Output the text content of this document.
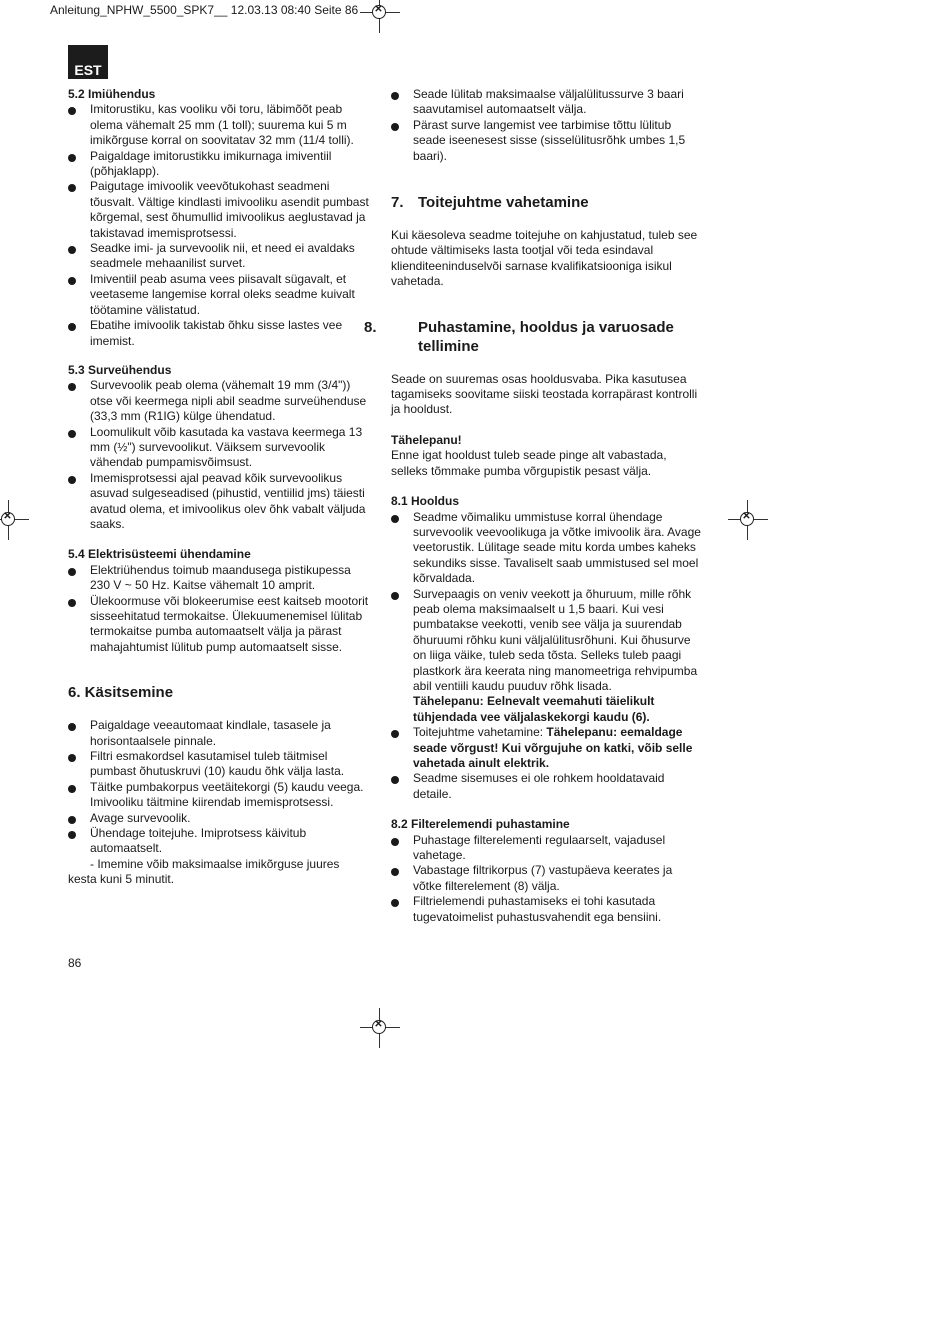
Anleitung_NPHW_5500_SPK7__ 12.03.13 08:40 Seite 86
✕
✕
✕
✕
EST
5.2 Imiühendus
Imitorustiku, kas vooliku või toru, läbimõõt peab olema vähemalt 25 mm (1 toll); suurema kui 5 m imikõrguse korral on soovitatav 32 mm (11/4 tolli).
Paigaldage imitorustikku imikurnaga imiventiil (põhjaklapp).
Paigutage imivoolik veevõtukohast seadmeni tõusvalt. Vältige kindlasti imivooliku asendit pumbast kõrgemal, sest õhumullid imivoolikus aeglustavad ja takistavad imemisprotsessi.
Seadke imi- ja survevoolik nii, et need ei avaldaks seadmele mehaanilist survet.
Imiventiil peab asuma vees piisavalt sügavalt, et veetaseme langemise korral oleks seadme kuivalt töötamine välistatud.
Ebatihe imivoolik takistab õhku sisse lastes vee imemist.
5.3 Surveühendus
Survevoolik peab olema (vähemalt 19 mm (3/4")) otse või keermega nipli abil seadme surveühenduse (33,3 mm (R1IG) külge ühendatud.
Loomulikult võib kasutada ka vastava keermega 13 mm (½") survevoolikut. Väiksem survevoolik vähendab pumpamisvõimsust.
Imemisprotsessi ajal peavad kõik survevoolikus asuvad sulgeseadised (pihustid, ventiilid jms) täiesti avatud olema, et imivoolikus olev õhk vabalt väljuda saaks.
5.4 Elektrisüsteemi ühendamine
Elektriühendus toimub maandusega pistikupessa 230 V ~ 50 Hz. Kaitse vähemalt 10 amprit.
Ülekoormuse või blokeerumise eest kaitseb mootorit sisseehitatud termokaitse. Ülekuumenemisel lülitab termokaitse pumba automaatselt välja ja pärast mahajahtumist lülitub pump automaatselt sisse.
6. Käsitsemine
Paigaldage veeautomaat kindlale, tasasele ja horisontaalsele pinnale.
Filtri esmakordsel kasutamisel tuleb täitmisel pumbast õhutuskruvi (10) kaudu õhk välja lasta.
Täitke pumbakorpus veetäitekorgi (5) kaudu veega. Imivooliku täitmine kiirendab imemisprotsessi.
Avage survevoolik.
Ühendage toitejuhe. Imiprotsess käivitub automaatselt.

- Imemine võib maksimaalse imikõrguse juures

kesta kuni 5 minutit.

86
Seade lülitab maksimaalse väljalülitussurve 3 baari saavutamisel automaatselt välja.
Pärast surve langemist vee tarbimise tõttu lülitub seade iseenesest sisse (sisselülitusrõhk umbes 1,5 baari).
7. Toitejuhtme vahetamine

Kui käesoleva seadme toitejuhe on kahjustatud, tuleb see ohtude vältimiseks lasta tootjal või teda esindaval klienditeeninduselvõi sarnase kvalifikatsiooniga isikul vahetada.

8.	Puhastamine, hooldus ja varuosade tellimine

Seade on suuremas osas hooldusvaba. Pika kasutusea tagamiseks soovitame siiski teostada korrapärast kontrolli ja hooldust.

Tähelepanu!

Enne igat hooldust tuleb seade pinge alt vabastada, selleks tõmmake pumba võrgupistik pesast välja.

8.1 Hooldus
Seadme võimaliku ummistuse korral ühendage survevoolik veevoolikuga ja võtke imivoolik ära. Avage veetorustik. Lülitage seade mitu korda umbes kaheks sekundiks sisse. Tavaliselt saab ummistused sel moel kõrvaldada.
Survepaagis on veniv veekott ja õhuruum, mille rõhk peab olema maksimaalselt u 1,5 baari. Kui vesi pumbatakse veekotti, venib see välja ja suurendab õhuruumi rõhku kuni väljalülitusrõhuni. Kui õhusurve on liiga väike, tuleb seda tõsta. Selleks tuleb paagi plastkork ära keerata ning manomeetriga rehvipumba abil ventiili kaudu puuduv rõhk lisada.
Tähelepanu: Eelnevalt veemahuti täielikult tühjendada vee väljalaskekorgi kaudu (6).
Toitejuhtme vahetamine: Tähelepanu: eemaldage seade võrgust! Kui võrgujuhe on katki, võib selle vahetada ainult elektrik.
Seadme sisemuses ei ole rohkem hooldatavaid detaile.
8.2 Filterelemendi puhastamine
Puhastage filterelementi regulaarselt, vajadusel vahetage.
Vabastage filtrikorpus (7) vastupäeva keerates ja võtke filterelement (8) välja.
Filtrielemendi puhastamiseks ei tohi kasutada tugevatoimelist puhastusvahendit ega bensiini.
